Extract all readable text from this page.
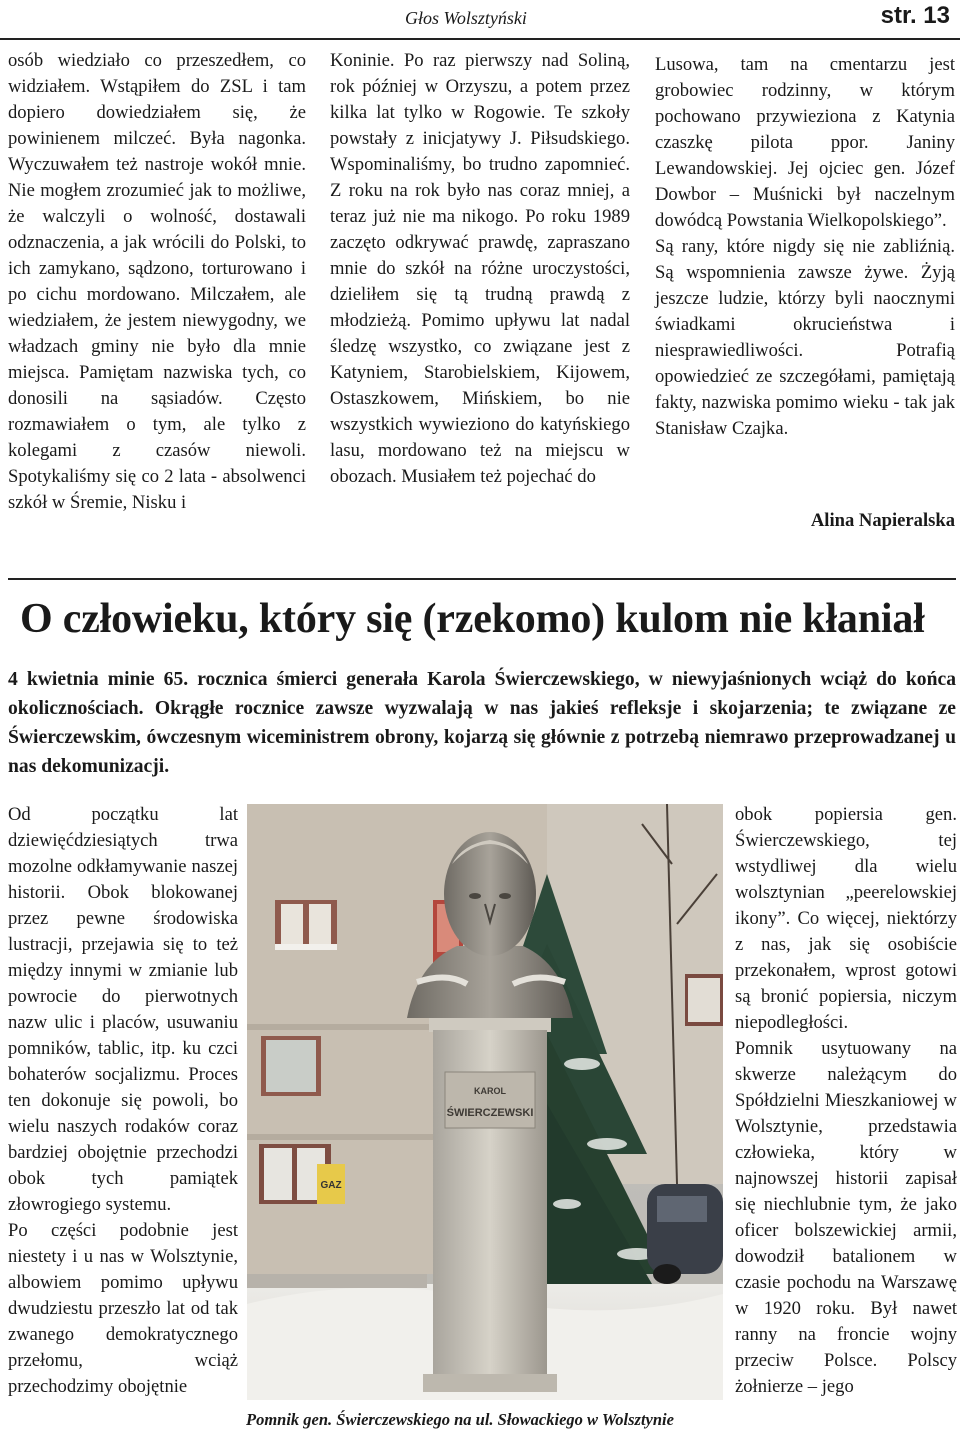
Głos Wolsztyński	str. 13

osób wiedziało co przeszedłem, co widziałem. Wstąpiłem do ZSL i tam dopiero dowiedziałem się, że powinienem milczeć. Była nagonka. Wyczuwałem też nastroje wokół mnie. Nie mogłem zrozumieć jak to możliwe, że walczyli o wolność, dostawali odznaczenia, a jak wrócili do Polski, to ich zamykano, sądzono, torturowano i po cichu mordowano. Milczałem, ale wiedziałem, że jestem niewygodny, we władzach gminy nie było dla mnie miejsca. Pamiętam nazwiska tych, co donosili na sąsiadów. Często rozmawiałem o tym, ale tylko z kolegami z czasów niewoli. Spotykaliśmy się co 2 lata - absolwenci szkół w Śremie, Nisku i

Koninie. Po raz pierwszy nad Soliną, rok później w Orzyszu, a potem przez kilka lat tylko w Rogowie. Te szkoły powstały z inicjatywy J. Piłsudskiego. Wspominaliśmy, bo trudno zapomnieć. Z roku na rok było nas coraz mniej, a teraz już nie ma nikogo. Po roku 1989 zaczęto odkrywać prawdę, zapraszano mnie do szkół na różne uroczystości, dzieliłem się tą trudną prawdą z młodzieżą. Pomimo upływu lat nadal śledzę wszystko, co związane jest z Katyniem, Starobielskiem, Kijowem, Ostaszkowem, Mińskiem, bo nie wszystkich wywieziono do katyńskiego lasu, mordowano też na miejscu w obozach. Musiałem też pojechać do

Lusowa, tam na cmentarzu jest grobowiec rodzinny, w którym pochowano przywieziona z Katynia czaszkę pilota ppor. Janiny Lewandowskiej. Jej ojciec gen. Józef Dowbor – Muśnicki był naczelnym dowódcą Powstania Wielkopolskiego”.

Są rany, które nigdy się nie zabliźnią. Są wspomnienia zawsze żywe. Żyją jeszcze ludzie, którzy byli naocznymi świadkami okrucieństwa i niesprawiedliwości. Potrafią opowiedzieć ze szczegółami, pamiętają fakty, nazwiska pomimo wieku - tak jak Stanisław Czajka.

Alina Napieralska
O człowieku, który się (rzekomo) kulom nie kłaniał

4 kwietnia minie 65. rocznica śmierci generała Karola Świerczewskiego, w niewyjaśnionych wciąż do końca okolicznościach. Okrągłe rocznice zawsze wyzwalają w nas jakieś refleksje i skojarzenia; te związane ze Świerczewskim, ówczesnym wiceministrem obrony, kojarzą się głównie z potrzebą niemrawo przeprowadzanej u nas dekomunizacji.

Od początku lat dziewięćdziesiątych trwa mozolne odkłamywanie naszej historii. Obok blokowanej przez pewne środowiska lustracji, przejawia się to też między innymi w zmianie lub powrocie do pierwotnych nazw ulic i placów, usuwaniu pomników, tablic, itp. ku czci bohaterów socjalizmu. Proces ten dokonuje się powoli, bo wielu naszych rodaków coraz bardziej obojętnie przechodzi obok tych pamiątek złowrogiego systemu.

Po części podobnie jest niestety i u nas w Wolsztynie, albowiem pomimo upływu dwudziestu przeszło lat od tak zwanego demokratycznego przełomu, wciąż przechodzimy obojętnie

GAZ
KAROL
ŚWIERCZEWSKI
Pomnik gen. Świerczewskiego na ul. Słowackiego w Wolsztynie

obok popiersia gen. Świerczewskiego, tej wstydliwej dla wielu wolsztynian „peerelowskiej ikony”. Co więcej, niektórzy z nas, jak się osobiście przekonałem, wprost gotowi są bronić popiersia, niczym niepodległości.

Pomnik usytuowany na skwerze należącym do Spółdzielni Mieszkaniowej w Wolsztynie, przedstawia człowieka, który w najnowszej historii zapisał się niechlubnie tym, że jako oficer bolszewickiej armii, dowodził batalionem w czasie pochodu na Warszawę w 1920 roku. Był nawet ranny na froncie wojny przeciw Polsce. Polscy żołnierze – jego
